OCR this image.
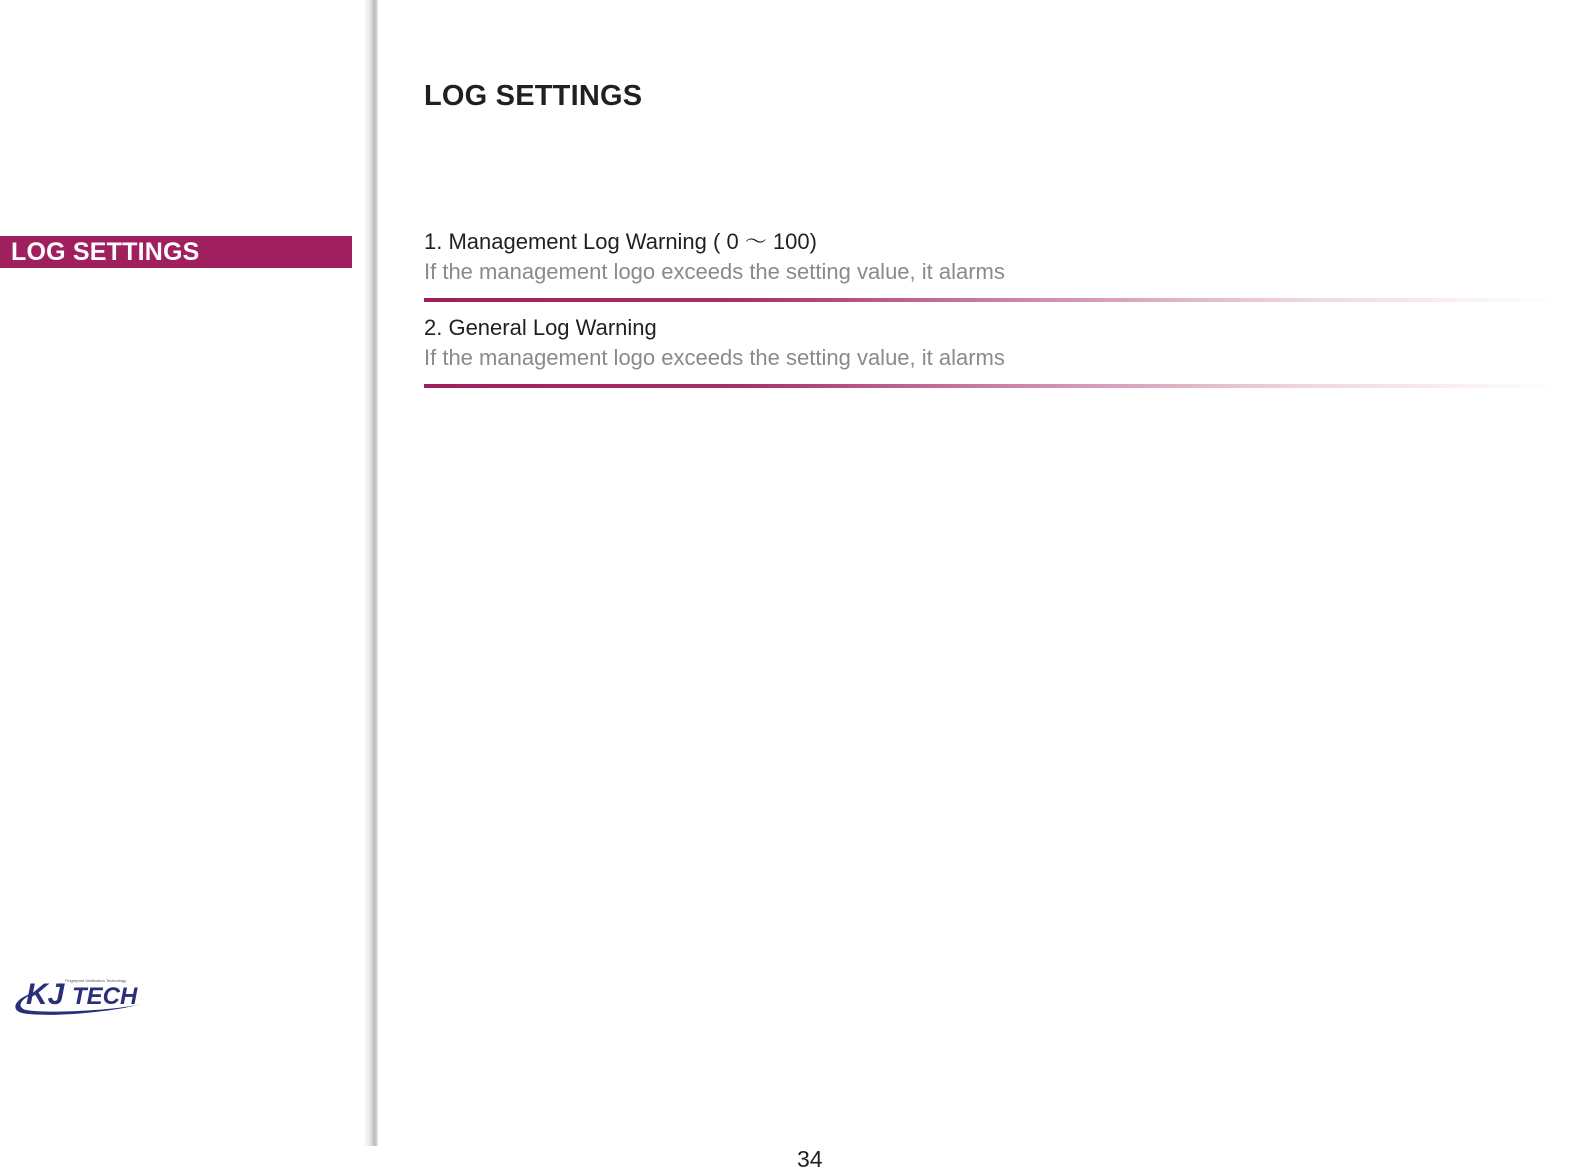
LOG SETTINGS
Fingerprint Verification Technology
KJ TECH
LOG SETTINGS
1. Management Log Warning ( 0 〜 100)
If the management logo exceeds the setting value, it alarms
2. General Log Warning
If the management logo exceeds the setting value, it alarms
34
